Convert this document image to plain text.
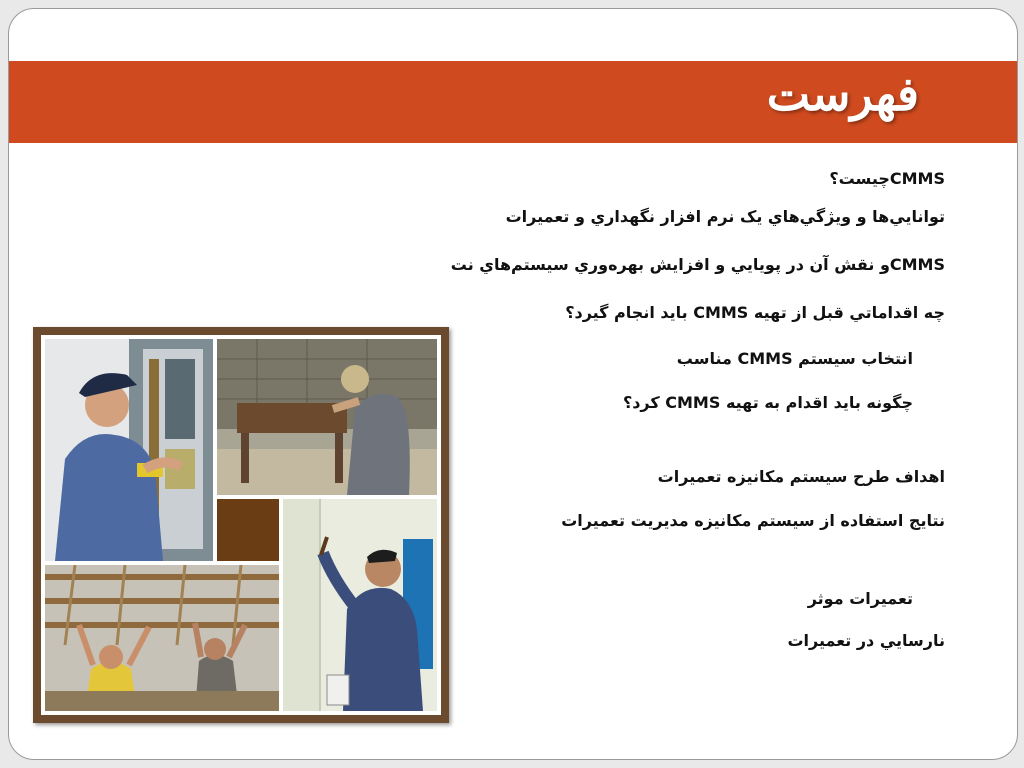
فهرست
CMMSچيست؟
توانايي‌ها و ويژگي‌هاي يک نرم افزار نگهداري و تعميرات
CMMSو نقش آن در پويايي و افزايش بهره‌وري سيستم‌هاي نت
چه اقداماتي قبل از تهيه CMMS بايد انجام گيرد؟
انتخاب سيستم CMMS مناسب
چگونه بايد اقدام به تهيه CMMS کرد؟
اهداف طرح سيستم مکانيزه تعميرات
نتايج استفاده از سيستم مکانيزه مديريت تعميرات
تعميرات موثر
نارسايي در تعميرات
